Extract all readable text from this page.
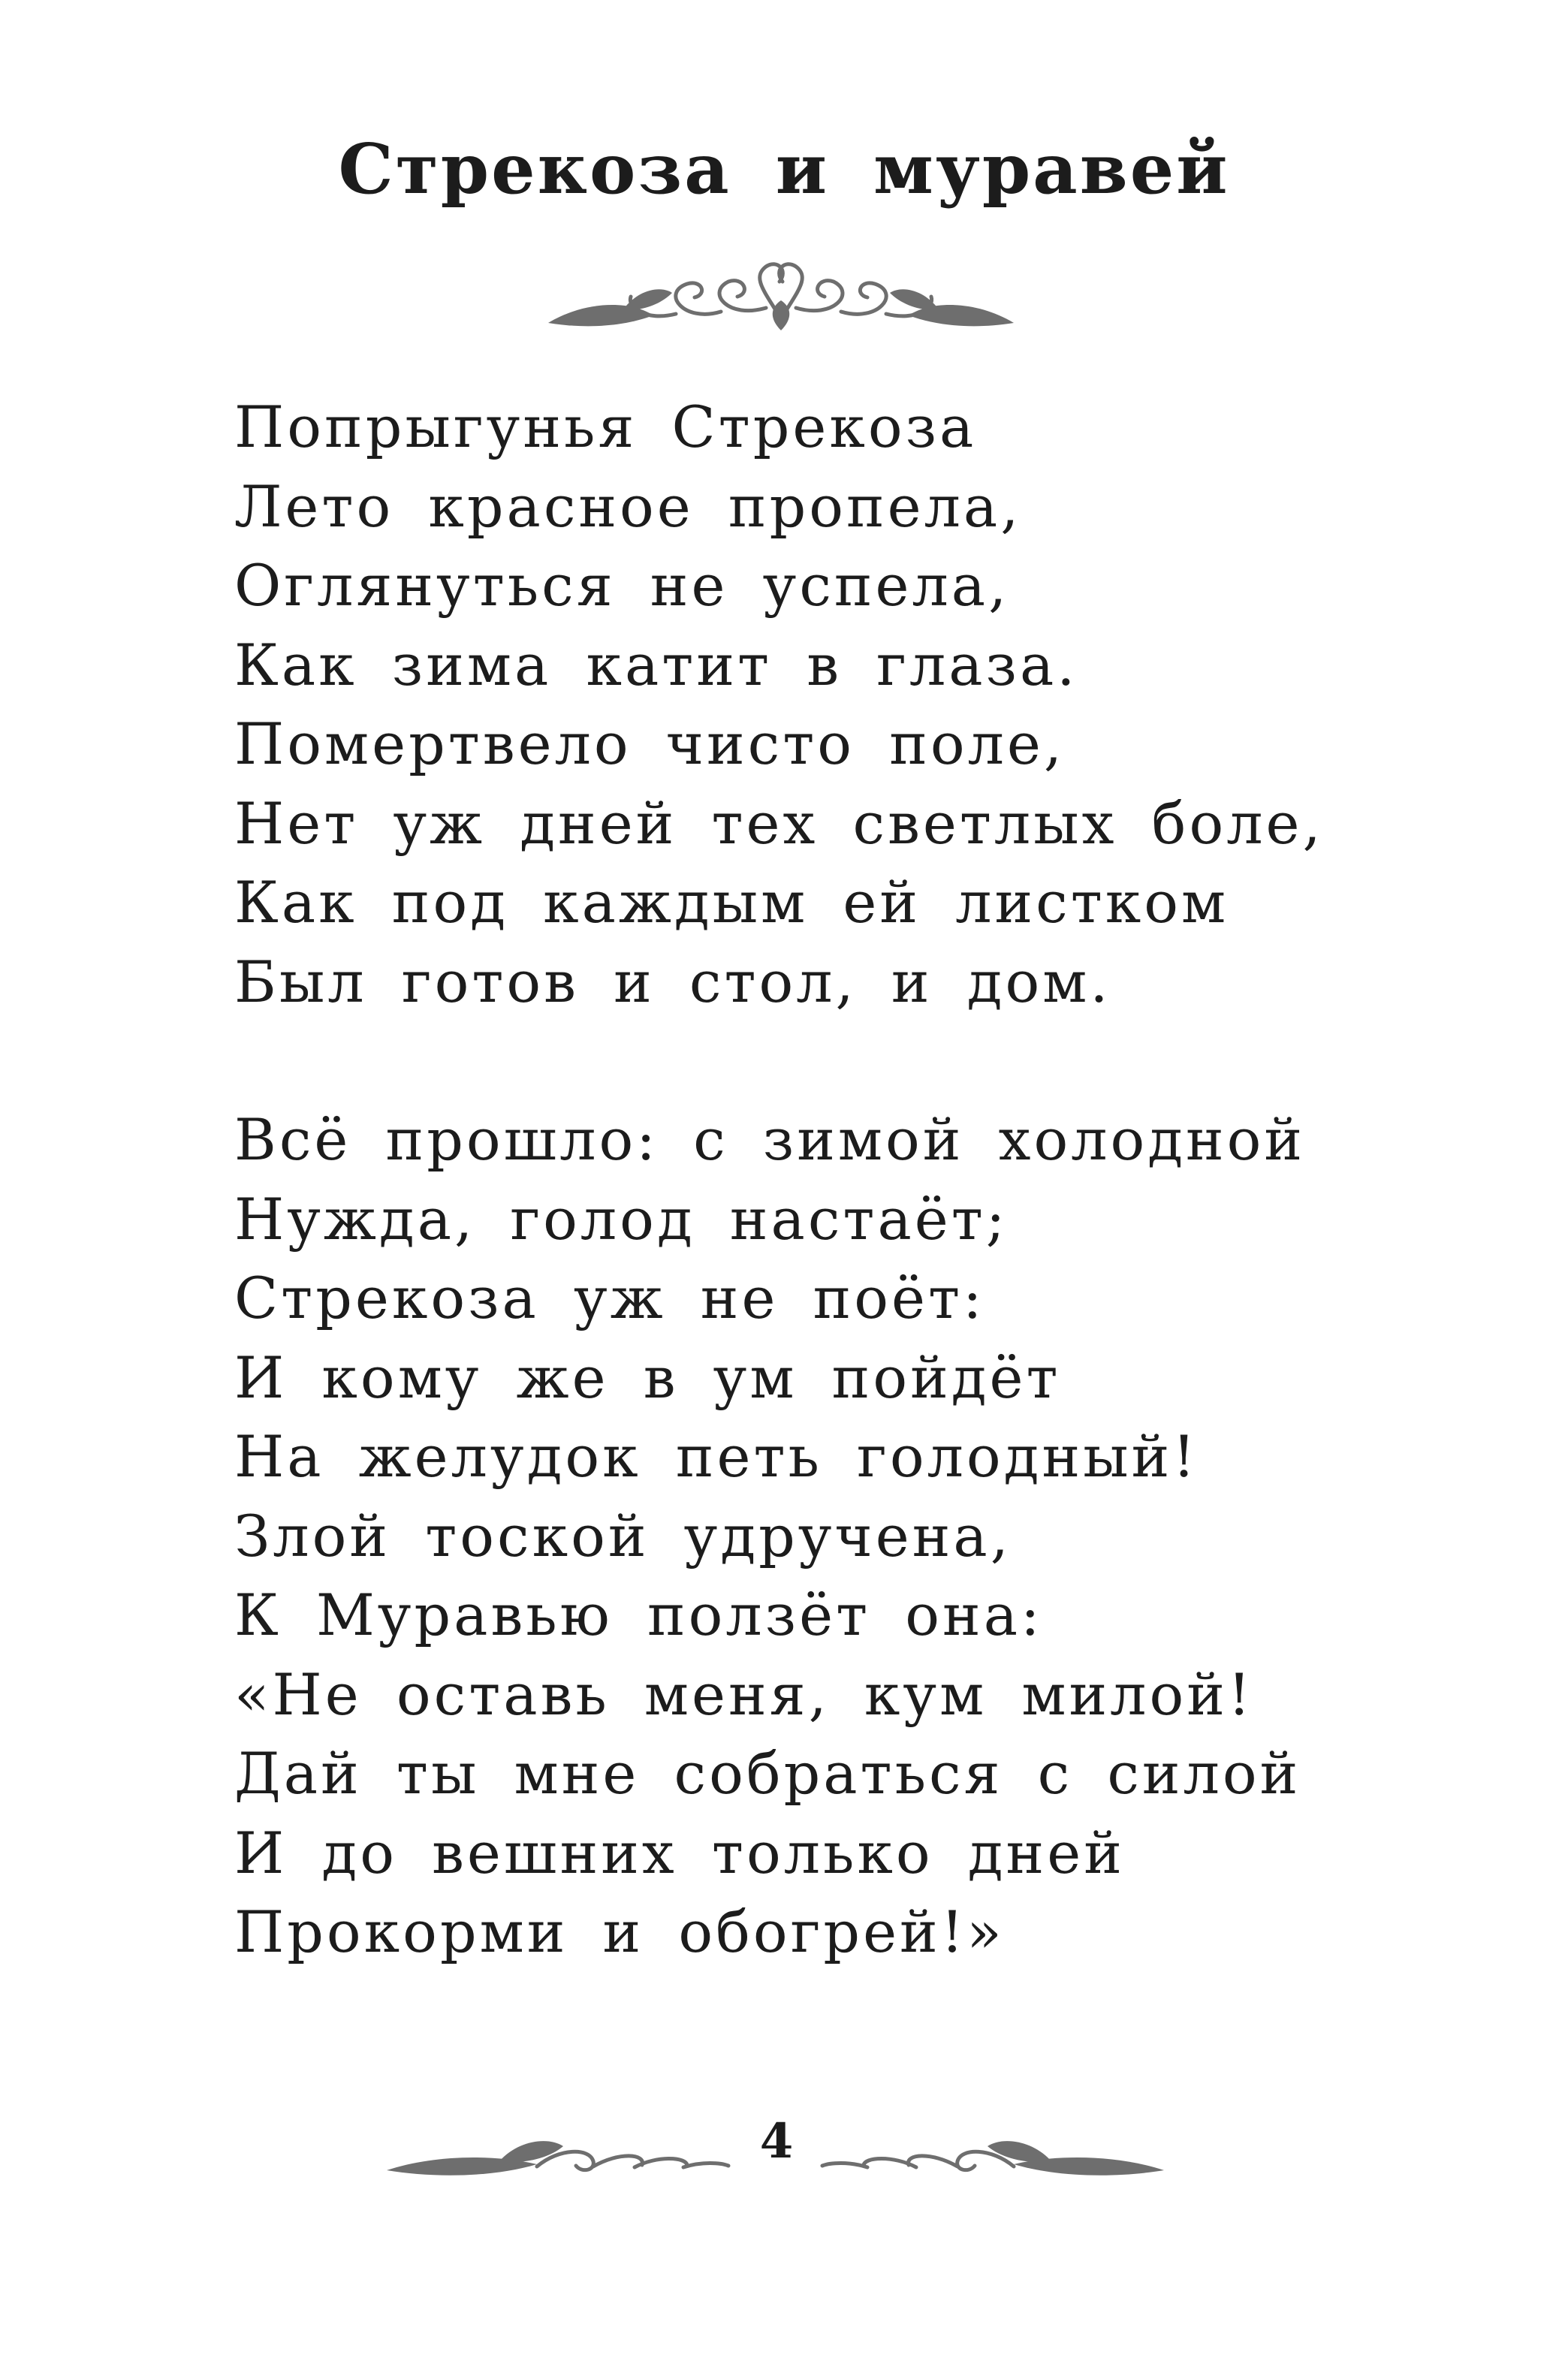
Стрекоза и муравей
Попрыгунья Стрекоза
Лето красное пропела,
Оглянуться не успела,
Как зима катит в глаза.
Помертвело чисто поле,
Нет уж дней тех светлых боле,
Как под каждым ей листком
Был готов и стол, и дом.
Всё прошло: с зимой холодной
Нужда, голод настаёт;
Стрекоза уж не поёт:
И кому же в ум пойдёт
На желудок петь голодный!
Злой тоской удручена,
К Муравью ползёт она:
«Не оставь меня, кум милой!
Дай ты мне собраться с силой
И до вешних только дней
Прокорми и обогрей!»
4
